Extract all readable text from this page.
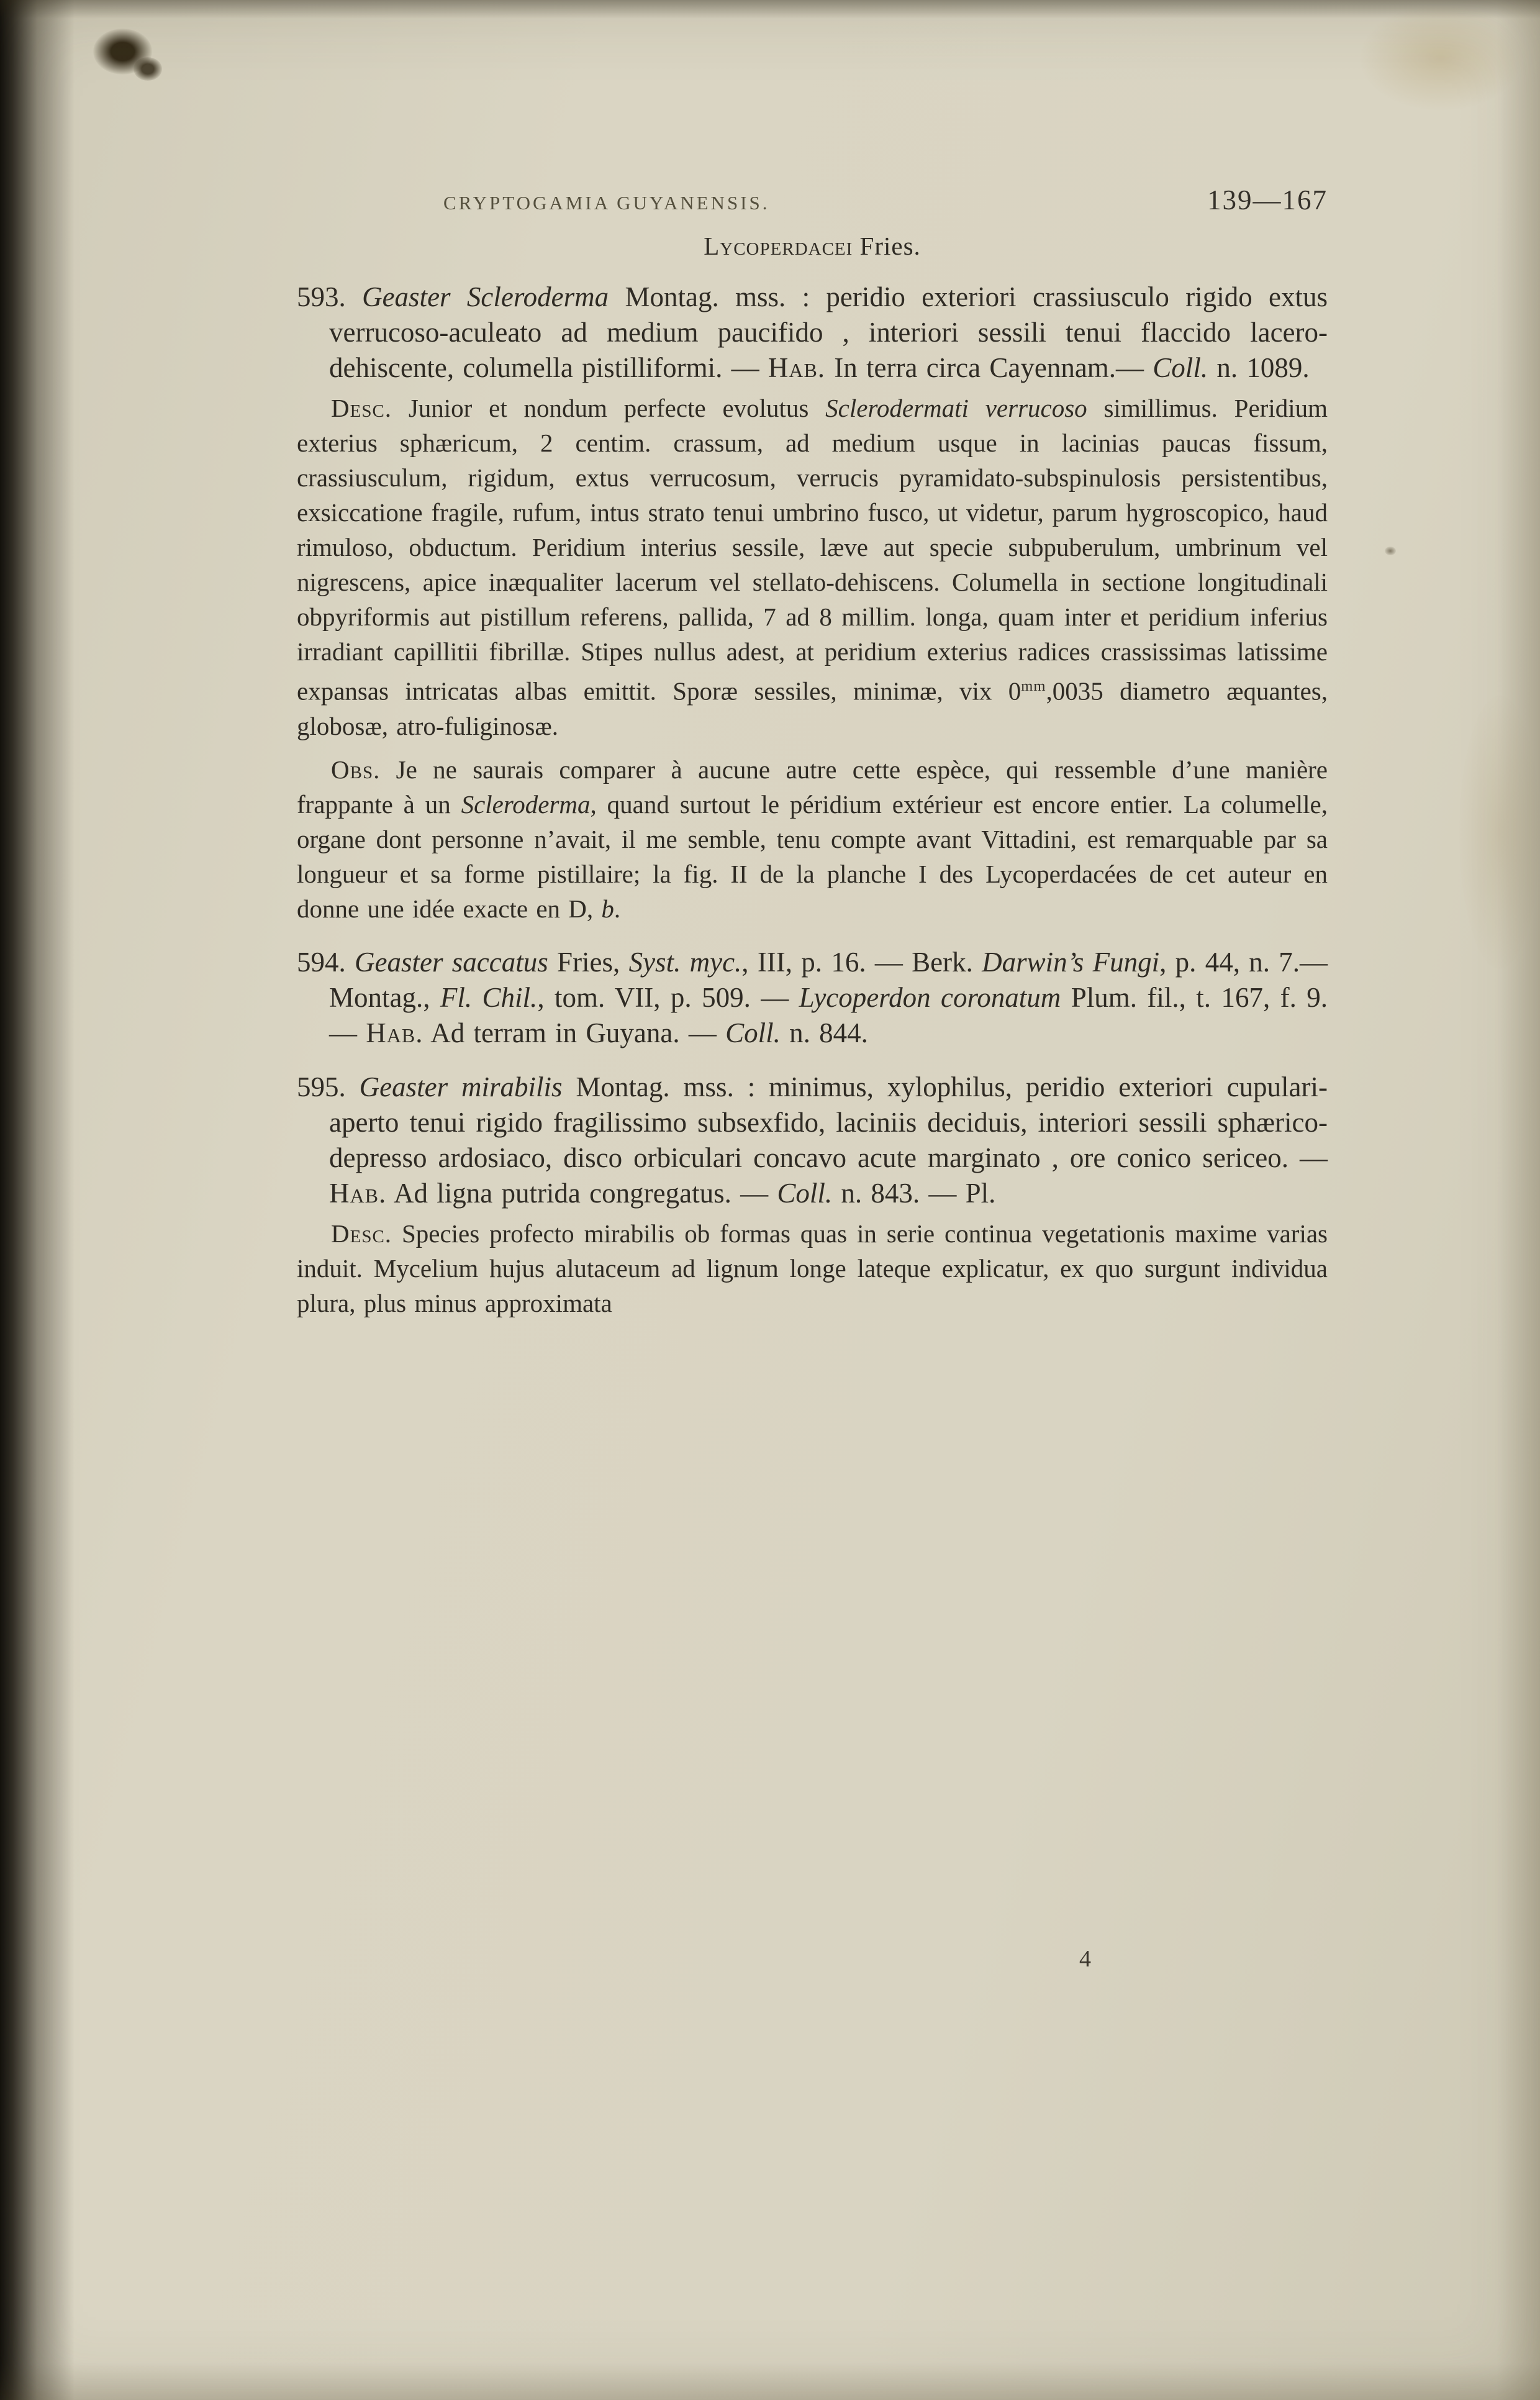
CRYPTOGAMIA GUYANENSIS.	139—167
Lycoperdacei Fries.

593. Geaster Scleroderma Montag. mss. : peridio exteriori crassiusculo rigido extus verrucoso-aculeato ad medium paucifido , interiori sessili tenui flaccido lacero-dehiscente, columella pistilliformi. — Hab. In terra circa Cayennam.— Coll. n. 1089.

Desc. Junior et nondum perfecte evolutus Sclerodermati verrucoso simillimus. Peridium exterius sphæricum, 2 centim. crassum, ad medium usque in lacinias paucas fissum, crassiusculum, rigidum, extus verrucosum, verrucis pyramidato-subspinulosis persistentibus, exsiccatione fragile, rufum, intus strato tenui umbrino fusco, ut videtur, parum hygroscopico, haud rimuloso, obductum. Peridium interius sessile, læve aut specie subpuberulum, umbrinum vel nigrescens, apice inæqualiter lacerum vel stellato-dehiscens. Columella in sectione longitudinali obpyriformis aut pistillum referens, pallida, 7 ad 8 millim. longa, quam inter et peridium inferius irradiant capillitii fibrillæ. Stipes nullus adest, at peridium exterius radices crassissimas latissime expansas intricatas albas emittit. Sporæ sessiles, minimæ, vix $0^{mm},0035$ diametro æquantes, globosæ, atro-fuliginosæ.

Obs. Je ne saurais comparer à aucune autre cette espèce, qui ressemble d’une manière frappante à un Scleroderma, quand surtout le péridium extérieur est encore entier. La columelle, organe dont personne n’avait, il me semble, tenu compte avant Vittadini, est remarquable par sa longueur et sa forme pistillaire; la fig. II de la planche I des Lycoperdacées de cet auteur en donne une idée exacte en D, b.

594. Geaster saccatus Fries, Syst. myc., III, p. 16. — Berk. Darwin’s Fungi, p. 44, n. 7.— Montag., Fl. Chil., tom. VII, p. 509. — Lycoperdon coronatum Plum. fil., t. 167, f. 9. — Hab. Ad terram in Guyana. — Coll. n. 844.

595. Geaster mirabilis Montag. mss. : minimus, xylophilus, peridio exteriori cupulari-aperto tenui rigido fragilissimo subsexfido, laciniis deciduis, interiori sessili sphærico-depresso ardosiaco, disco orbiculari concavo acute marginato , ore conico sericeo. — Hab. Ad ligna putrida congregatus. — Coll. n. 843. — Pl.

Desc. Species profecto mirabilis ob formas quas in serie continua vegetationis maxime varias induit. Mycelium hujus alutaceum ad lignum longe lateque explicatur, ex quo surgunt individua plura, plus minus approximata

4
